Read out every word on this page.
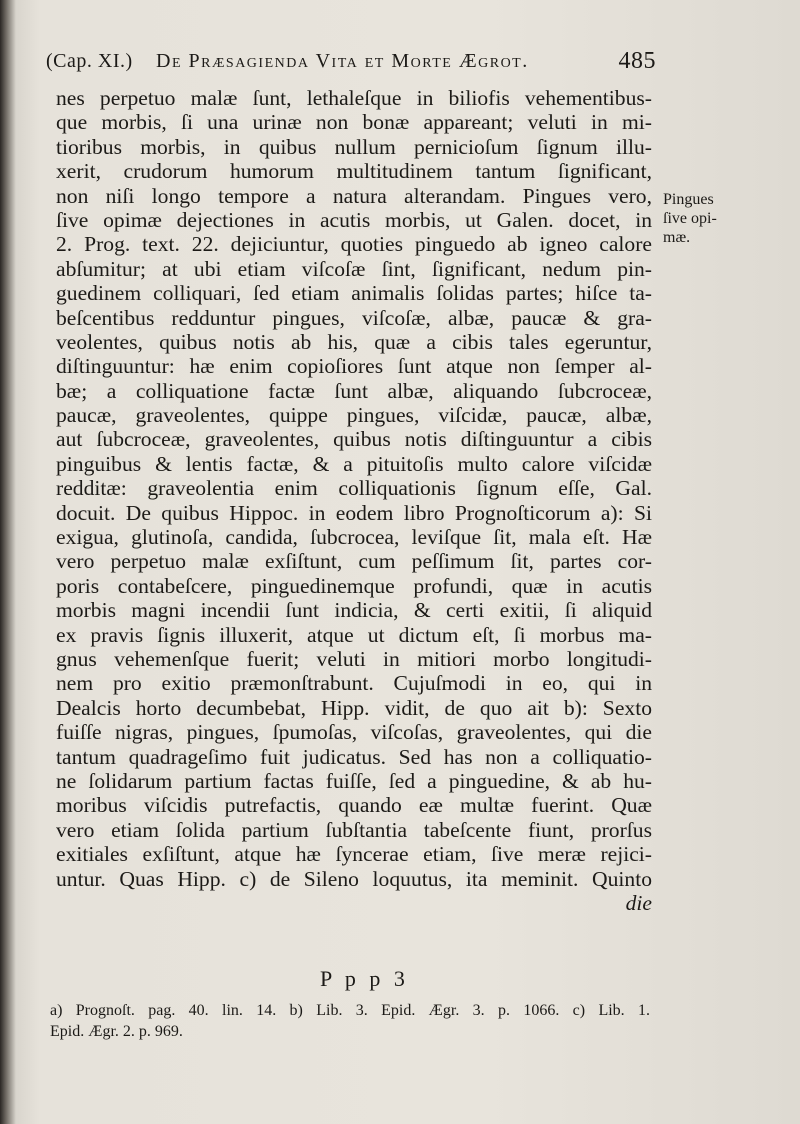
(Cap. XI.) De Præsagienda Vita et Morte Ægrot.	485
nes perpetuo malæ ſunt, lethaleſque in biliofis vehementibus-
que morbis, ſi una urinæ non bonæ appareant; veluti in mi-
tioribus morbis, in quibus nullum pernicioſum ſignum illu-
xerit, crudorum humorum multitudinem tantum ſignificant,
non niſi longo tempore a natura alterandam. Pingues vero,
ſive opimæ dejectiones in acutis morbis, ut Galen. docet, in
2. Prog. text. 22. dejiciuntur, quoties pinguedo ab igneo calore
abſumitur; at ubi etiam viſcoſæ ſint, ſignificant, nedum pin-
guedinem colliquari, ſed etiam animalis ſolidas partes; hiſce ta-
beſcentibus redduntur pingues, viſcoſæ, albæ, paucæ & gra-
veolentes, quibus notis ab his, quæ a cibis tales egeruntur,
diſtinguuntur: hæ enim copioſiores ſunt atque non ſemper al-
bæ; a colliquatione factæ ſunt albæ, aliquando ſubcroceæ,
paucæ, graveolentes, quippe pingues, viſcidæ, paucæ, albæ,
aut ſubcroceæ, graveolentes, quibus notis diſtinguuntur a cibis
pinguibus & lentis factæ, & a pituitoſis multo calore viſcidæ
redditæ: graveolentia enim colliquationis ſignum eſſe, Gal.
docuit. De quibus Hippoc. in eodem libro Prognoſticorum a): Si
exigua, glutinoſa, candida, ſubcrocea, leviſque ſit, mala eſt. Hæ
vero perpetuo malæ exſiſtunt, cum peſſimum ſit, partes cor-
poris contabeſcere, pinguedinemque profundi, quæ in acutis
morbis magni incendii ſunt indicia, & certi exitii, ſi aliquid
ex pravis ſignis illuxerit, atque ut dictum eſt, ſi morbus ma-
gnus vehemenſque fuerit; veluti in mitiori morbo longitudi-
nem pro exitio præmonſtrabunt. Cujuſmodi in eo, qui in
Dealcis horto decumbebat, Hipp. vidit, de quo ait b): Sexto
fuiſſe nigras, pingues, ſpumoſas, viſcoſas, graveolentes, qui die
tantum quadrageſimo fuit judicatus. Sed has non a colliquatio-
ne ſolidarum partium factas fuiſſe, ſed a pinguedine, & ab hu-
moribus viſcidis putrefactis, quando eæ multæ fuerint. Quæ
vero etiam ſolida partium ſubſtantia tabeſcente fiunt, prorſus
exitiales exſiſtunt, atque hæ ſyncerae etiam, ſive meræ rejici-
untur. Quas Hipp. c) de Sileno loquutus, ita meminit. Quinto
die
Pingues
ſive opi-
mæ.
P p p 3
a) Prognoſt. pag. 40. lin. 14. b) Lib. 3. Epid. Ægr. 3. p. 1066. c) Lib. 1.
Epid. Ægr. 2. p. 969.
